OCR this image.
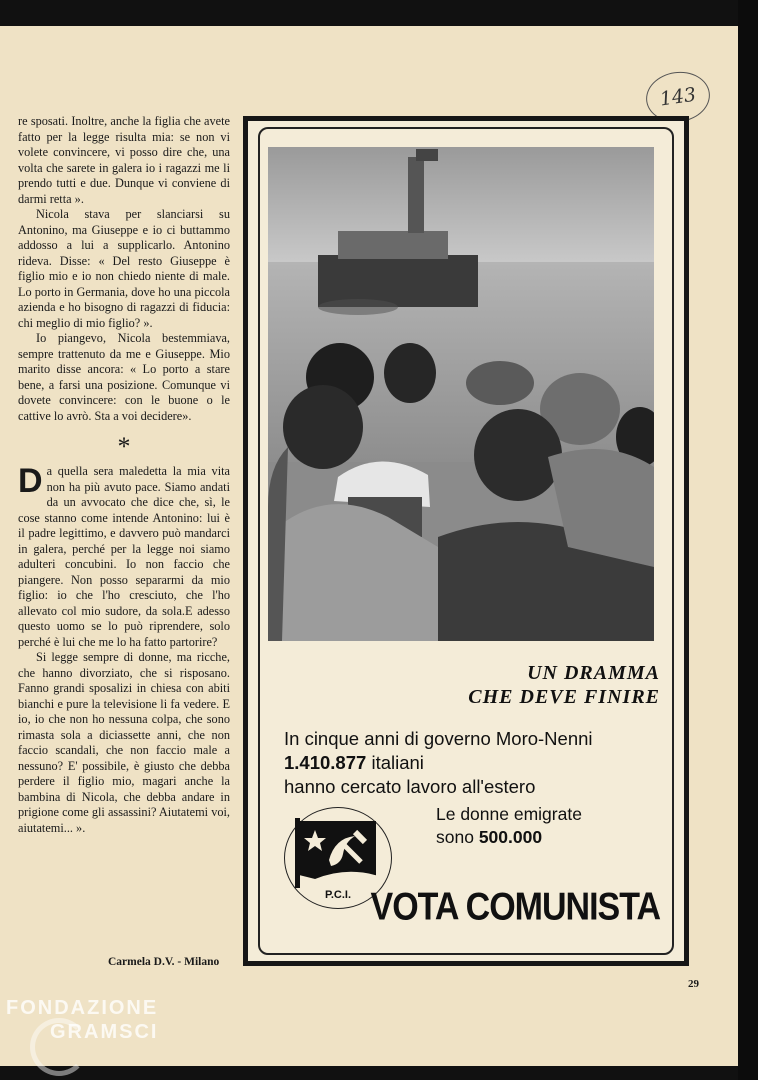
143

re sposati. Inoltre, anche la figlia che avete fatto per la legge risulta mia: se non vi volete convincere, vi posso dire che, una volta che sarete in galera io i ragazzi me li prendo tutti e due. Dunque vi conviene di darmi retta ».

Nicola stava per slanciarsi su Antonino, ma Giuseppe e io ci buttammo addosso a lui a supplicarlo. Antonino rideva. Disse: « Del resto Giuseppe è figlio mio e io non chiedo niente di male. Lo porto in Germania, dove ho una piccola azienda e ho bisogno di ragazzi di fiducia: chi meglio di mio figlio? ».

Io piangevo, Nicola bestemmiava, sempre trattenuto da me e Giuseppe. Mio marito disse ancora: « Lo porto a stare bene, a farsi una posizione. Comunque vi dovete convincere: con le buone o le cattive lo avrò. Sta a voi decidere».

*

Da quella sera maledetta la mia vita non ha più avuto pace. Siamo andati da un avvocato che dice che, sì, le cose stanno come intende Antonino: lui è il padre legittimo, e davvero può mandarci in galera, perché per la legge noi siamo adulteri concubini. Io non faccio che piangere. Non posso separarmi da mio figlio: io che l'ho cresciuto, che l'ho allevato col mio sudore, da sola.E adesso questo uomo se lo può riprendere, solo perché è lui che me lo ha fatto partorire?

Si legge sempre di donne, ma ricche, che hanno divorziato, che si risposano. Fanno grandi sposalizi in chiesa con abiti bianchi e pure la televisione li fa vedere. E io, io che non ho nessuna colpa, che sono rimasta sola a diciassette anni, che non faccio scandali, che non faccio male a nessuno? E' possibile, è giusto che debba perdere il figlio mio, magari anche la bambina di Nicola, che debba andare in prigione come gli assassini? Aiutatemi voi, aiutatemi... ».

Carmela D.V. - Milano
UN DRAMMA
CHE DEVE FINIRE
In cinque anni di governo Moro-Nenni
1.410.877 italiani
hanno cercato lavoro all'estero
Le donne emigrate
sono 500.000
P.C.I. VOTA COMUNISTA
29
FONDAZIONE
GRAMSCI
